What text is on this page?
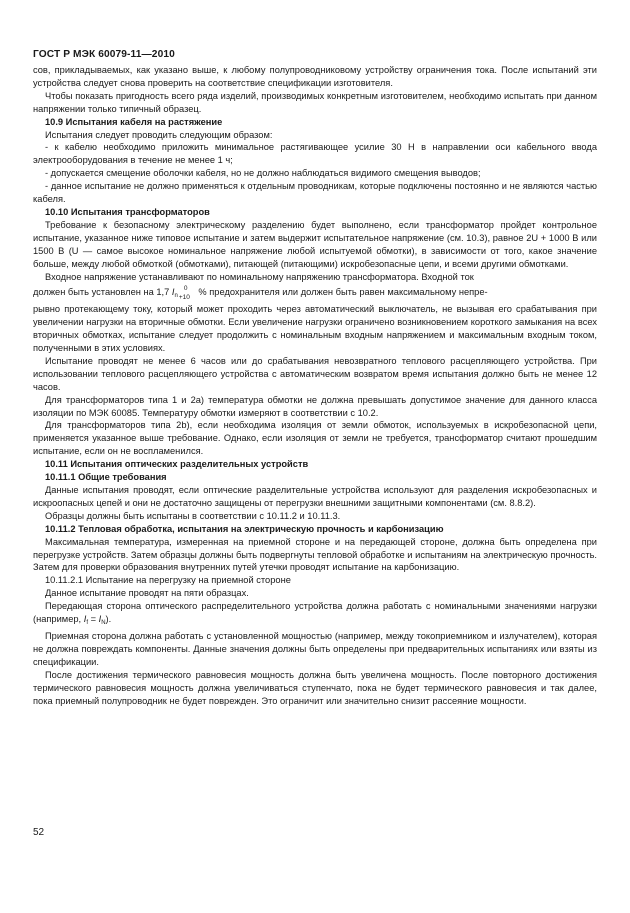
ГОСТ Р МЭК 60079-11—2010

сов, прикладываемых, как указано выше, к любому полупроводниковому устройству ограничения тока. После испытаний эти устройства следует снова проверить на соответствие спецификации изготовителя.

Чтобы показать пригодность всего ряда изделий, производимых конкретным изготовителем, необходимо испытать при данном напряжении только типичный образец.

10.9 Испытания кабеля на растяжение

Испытания следует проводить следующим образом:

- к кабелю необходимо приложить минимальное растягивающее усилие 30 Н в направлении оси кабельного ввода электрооборудования в течение не менее 1 ч;

- допускается смещение оболочки кабеля, но не должно наблюдаться видимого смещения выводов;

- данное испытание не должно применяться к отдельным проводникам, которые подключены постоянно и не являются частью кабеля.

10.10 Испытания трансформаторов

Требование к безопасному электрическому разделению будет выполнено, если трансформатор пройдет контрольное испытание, указанное ниже типовое испытание и затем выдержит испытательное напряжение (см. 10.3), равное 2U + 1000 В или 1500 В (U — самое высокое номинальное напряжение любой испытуемой обмотки), в зависимости от того, какое значение больше, между любой обмоткой (обмотками), питающей (питающими) искробезопасные цепи, и всеми другими обмотками.

Входное напряжение устанавливают по номинальному напряжению трансформатора. Входной ток

должен быть установлен на 1,7 $I_n$
0
+10
% предохранителя или должен быть равен максимальному непре-

рывно протекающему току, который может проходить через автоматический выключатель, не вызывая его срабатывания при увеличении нагрузки на вторичные обмотки. Если увеличение нагрузки ограничено возникновением короткого замыкания на всех вторичных обмотках, испытание следует продолжить с номинальным входным напряжением и максимальным входным током, полученными в этих условиях.

Испытание проводят не менее 6 часов или до срабатывания невозвратного теплового расцепляющего устройства. При использовании теплового расцепляющего устройства с автоматическим возвратом время испытания должно быть не менее 12 часов.

Для трансформаторов типа 1 и 2а) температура обмотки не должна превышать допустимое значение для данного класса изоляции по МЭК 60085. Температуру обмотки измеряют в соответствии с 10.2.

Для трансформаторов типа 2b), если необходима изоляция от земли обмоток, используемых в искробезопасной цепи, применяется указанное выше требование. Однако, если изоляция от земли не требуется, трансформатор считают прошедшим испытание, если он не воспламенился.

10.11 Испытания оптических разделительных устройств

10.11.1 Общие требования

Данные испытания проводят, если оптические разделительные устройства используют для разделения искробезопасных и искроопасных цепей и они не достаточно защищены от перегрузки внешними защитными компонентами (см. 8.8.2).

Образцы должны быть испытаны в соответствии с 10.11.2 и 10.11.3.

10.11.2 Тепловая обработка, испытания на электрическую прочность и карбонизацию

Максимальная температура, измеренная на приемной стороне и на передающей стороне, должна быть определена при перегрузке устройств. Затем образцы должны быть подвергнуты тепловой обработке и испытаниям на электрическую прочность. Затем для проверки образования внутренних путей утечки проводят испытание на карбонизацию.

10.11.2.1 Испытание на перегрузку на приемной стороне

Данное испытание проводят на пяти образцах.

Передающая сторона оптического распределительного устройства должна работать с номинальными значениями нагрузки (например, $I_f = I_N$).

Приемная сторона должна работать с установленной мощностью (например, между токоприемником и излучателем), которая не должна повреждать компоненты. Данные значения должны быть определены при предварительных испытаниях или взяты из спецификации.

После достижения термического равновесия мощность должна быть увеличена мощность. После повторного достижения термического равновесия мощность должна увеличиваться ступенчато, пока не будет термического равновесия и так далее, пока приемный полупроводник не будет поврежден. Это ограничит или значительно снизит рассеяние мощности.

52
